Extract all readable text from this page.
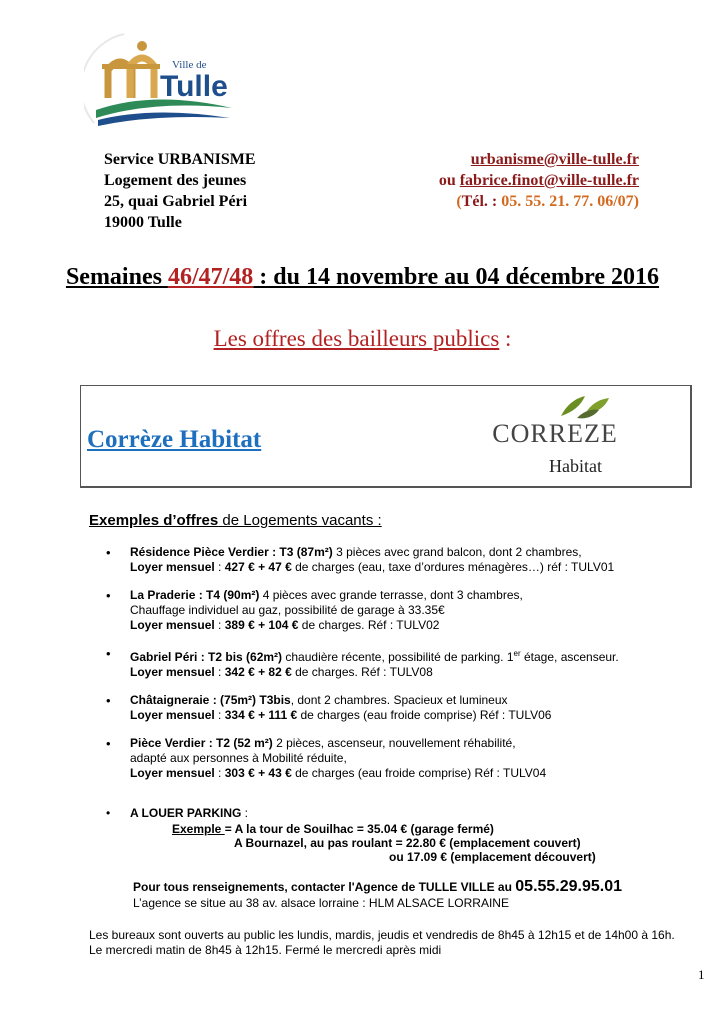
Ville de
Tulle
Service URBANISME
Logement des jeunes
25, quai Gabriel Péri
19000 Tulle
urbanisme@ville-tulle.fr
ou fabrice.finot@ville-tulle.fr
(Tél. : 05. 55. 21. 77. 06/07)
Semaines 46/47/48 : du 14 novembre au 04 décembre 2016
Les offres des bailleurs publics :
Corrèze Habitat	CORREZE
Habitat
Exemples d’offres de Logements vacants :
• Résidence Pièce Verdier : T3 (87m²) 3 pièces avec grand balcon, dont 2 chambres,
Loyer mensuel : 427 € + 47 € de charges (eau, taxe d’ordures ménagères…) réf : TULV01
• La Praderie : T4 (90m²) 4 pièces avec grande terrasse, dont 3 chambres,
Chauffage individuel au gaz, possibilité de garage à 33.35€
Loyer mensuel : 389 € + 104 € de charges. Réf : TULV02
• Gabriel Péri : T2 bis (62m²) chaudière récente, possibilité de parking. 1er étage, ascenseur.
Loyer mensuel : 342 € + 82 € de charges. Réf : TULV08
• Châtaigneraie : (75m²) T3bis, dont 2 chambres. Spacieux et lumineux
Loyer mensuel : 334 € + 111 € de charges (eau froide comprise) Réf : TULV06
• Pièce Verdier : T2 (52 m²) 2 pièces, ascenseur, nouvellement réhabilité,
adapté aux personnes à Mobilité réduite,
Loyer mensuel : 303 € + 43 € de charges (eau froide comprise) Réf : TULV04
•	A LOUER PARKING :
Exemple = A la tour de Souilhac = 35.04 € (garage fermé)
A Bournazel, au pas roulant = 22.80 € (emplacement couvert)
ou 17.09 € (emplacement découvert)
Pour tous renseignements, contacter l'Agence de TULLE VILLE au 05.55.29.95.01
L’agence se situe au 38 av. alsace lorraine : HLM ALSACE LORRAINE
Les bureaux sont ouverts au public les lundis, mardis, jeudis et vendredis de 8h45 à 12h15 et de 14h00 à 16h.
Le mercredi matin de 8h45 à 12h15. Fermé le mercredi après midi
1
